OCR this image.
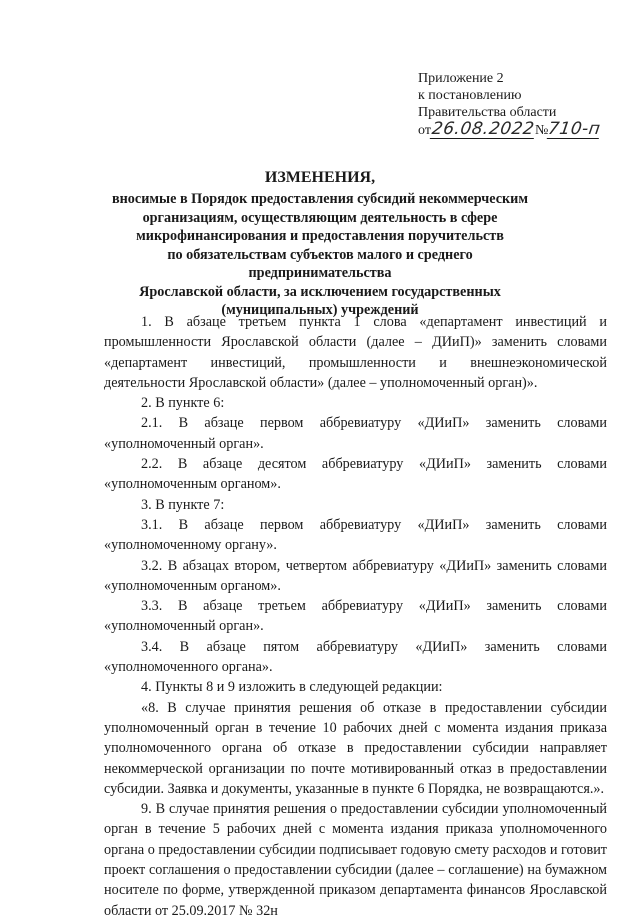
Приложение 2
к постановлению
Правительства области
от26.08.2022№710-п
ИЗМЕНЕНИЯ,
вносимые в Порядок предоставления субсидий некоммерческим
организациям, осуществляющим деятельность в сфере
микрофинансирования и предоставления поручительств
по обязательствам субъектов малого и среднего предпринимательства
Ярославской области, за исключением государственных
(муниципальных) учреждений

1. В абзаце третьем пункта 1 слова «департамент инвестиций и промышленности Ярославской области (далее – ДИиП)» заменить словами «департамент инвестиций, промышленности и внешнеэкономической деятельности Ярославской области» (далее – уполномоченный орган)».

2. В пункте 6:

2.1. В абзаце первом аббревиатуру «ДИиП» заменить словами «уполномоченный орган».

2.2. В абзаце десятом аббревиатуру «ДИиП» заменить словами «уполномоченным органом».

3. В пункте 7:

3.1. В абзаце первом аббревиатуру «ДИиП» заменить словами «уполномоченному органу».

3.2. В абзацах втором, четвертом аббревиатуру «ДИиП» заменить словами «уполномоченным органом».

3.3. В абзаце третьем аббревиатуру «ДИиП» заменить словами «уполномоченный орган».

3.4. В абзаце пятом аббревиатуру «ДИиП» заменить словами «уполномоченного органа».

4. Пункты 8 и 9 изложить в следующей редакции:

«8. В случае принятия решения об отказе в предоставлении субсидии уполномоченный орган в течение 10 рабочих дней с момента издания приказа уполномоченного органа об отказе в предоставлении субсидии направляет некоммерческой организации по почте мотивированный отказ в предоставлении субсидии. Заявка и документы, указанные в пункте 6 Порядка, не возвращаются.».

9. В случае принятия решения о предоставлении субсидии уполномоченный орган в течение 5 рабочих дней с момента издания приказа уполномоченного органа о предоставлении субсидии подписывает годовую смету расходов и готовит проект соглашения о предоставлении субсидии (далее – соглашение) на бумажном носителе по форме, утвержденной приказом департамента финансов Ярославской области от 25.09.2017 № 32н
